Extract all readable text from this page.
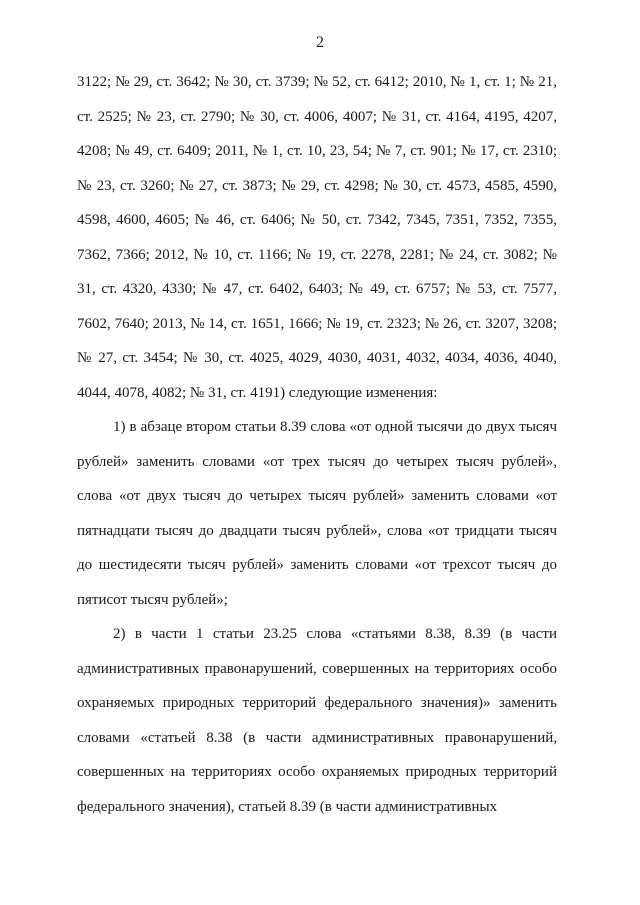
2

3122; № 29, ст. 3642; № 30, ст. 3739; № 52, ст. 6412; 2010, № 1, ст. 1; № 21, ст. 2525; № 23, ст. 2790; № 30, ст. 4006, 4007; № 31, ст. 4164, 4195, 4207, 4208; № 49, ст. 6409; 2011, № 1, ст. 10, 23, 54; № 7, ст. 901; № 17, ст. 2310; № 23, ст. 3260; № 27, ст. 3873; № 29, ст. 4298; № 30, ст. 4573, 4585, 4590, 4598, 4600, 4605; № 46, ст. 6406; № 50, ст. 7342, 7345, 7351, 7352, 7355, 7362, 7366; 2012, № 10, ст. 1166; № 19, ст. 2278, 2281; № 24, ст. 3082; № 31, ст. 4320, 4330; № 47, ст. 6402, 6403; № 49, ст. 6757; № 53, ст. 7577, 7602, 7640; 2013, № 14, ст. 1651, 1666; № 19, ст. 2323; № 26, ст. 3207, 3208; № 27, ст. 3454; № 30, ст. 4025, 4029, 4030, 4031, 4032, 4034, 4036, 4040, 4044, 4078, 4082; № 31, ст. 4191) следующие изменения:

1) в абзаце втором статьи 8.39 слова «от одной тысячи до двух тысяч рублей» заменить словами «от трех тысяч до четырех тысяч рублей», слова «от двух тысяч до четырех тысяч рублей» заменить словами «от пятнадцати тысяч до двадцати тысяч рублей», слова «от тридцати тысяч до шестидесяти тысяч рублей» заменить словами «от трехсот тысяч до пятисот тысяч рублей»;

2) в части 1 статьи 23.25 слова «статьями 8.38, 8.39 (в части административных правонарушений, совершенных на территориях особо охраняемых природных территорий федерального значения)» заменить словами «статьей 8.38 (в части административных правонарушений, совершенных на территориях особо охраняемых природных территорий федерального значения), статьей 8.39 (в части административных
